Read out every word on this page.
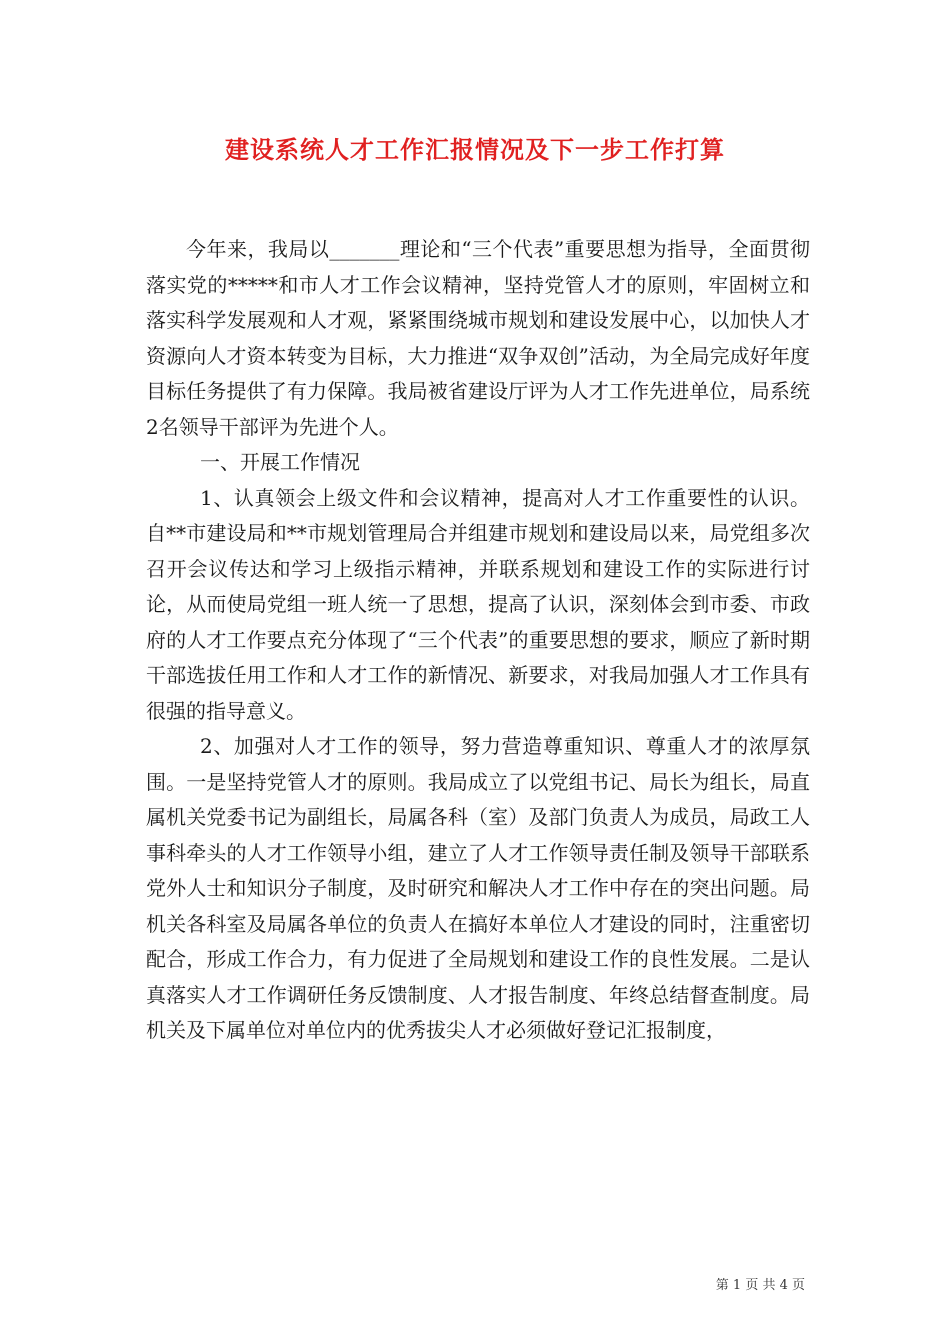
建设系统人才工作汇报情况及下一步工作打算

今年来，我局以_______理论和“三个代表”重要思想为指导，全面贯彻落实党的*****和市人才工作会议精神，坚持党管人才的原则，牢固树立和落实科学发展观和人才观，紧紧围绕城市规划和建设发展中心，以加快人才资源向人才资本转变为目标，大力推进“双争双创”活动，为全局完成好年度目标任务提供了有力保障。我局被省建设厅评为人才工作先进单位，局系统2名领导干部评为先进个人。

一、开展工作情况

1、认真领会上级文件和会议精神，提高对人才工作重要性的认识。自**市建设局和**市规划管理局合并组建市规划和建设局以来，局党组多次召开会议传达和学习上级指示精神，并联系规划和建设工作的实际进行讨论，从而使局党组一班人统一了思想，提高了认识，深刻体会到市委、市政府的人才工作要点充分体现了“三个代表”的重要思想的要求，顺应了新时期干部选拔任用工作和人才工作的新情况、新要求，对我局加强人才工作具有很强的指导意义。

2、加强对人才工作的领导，努力营造尊重知识、尊重人才的浓厚氛围。一是坚持党管人才的原则。我局成立了以党组书记、局长为组长，局直属机关党委书记为副组长，局属各科（室）及部门负责人为成员，局政工人事科牵头的人才工作领导小组，建立了人才工作领导责任制及领导干部联系党外人士和知识分子制度，及时研究和解决人才工作中存在的突出问题。局机关各科室及局属各单位的负责人在搞好本单位人才建设的同时，注重密切配合，形成工作合力，有力促进了全局规划和建设工作的良性发展。二是认真落实人才工作调研任务反馈制度、人才报告制度、年终总结督查制度。局机关及下属单位对单位内的优秀拔尖人才必须做好登记汇报制度，

第 1 页 共 4 页
